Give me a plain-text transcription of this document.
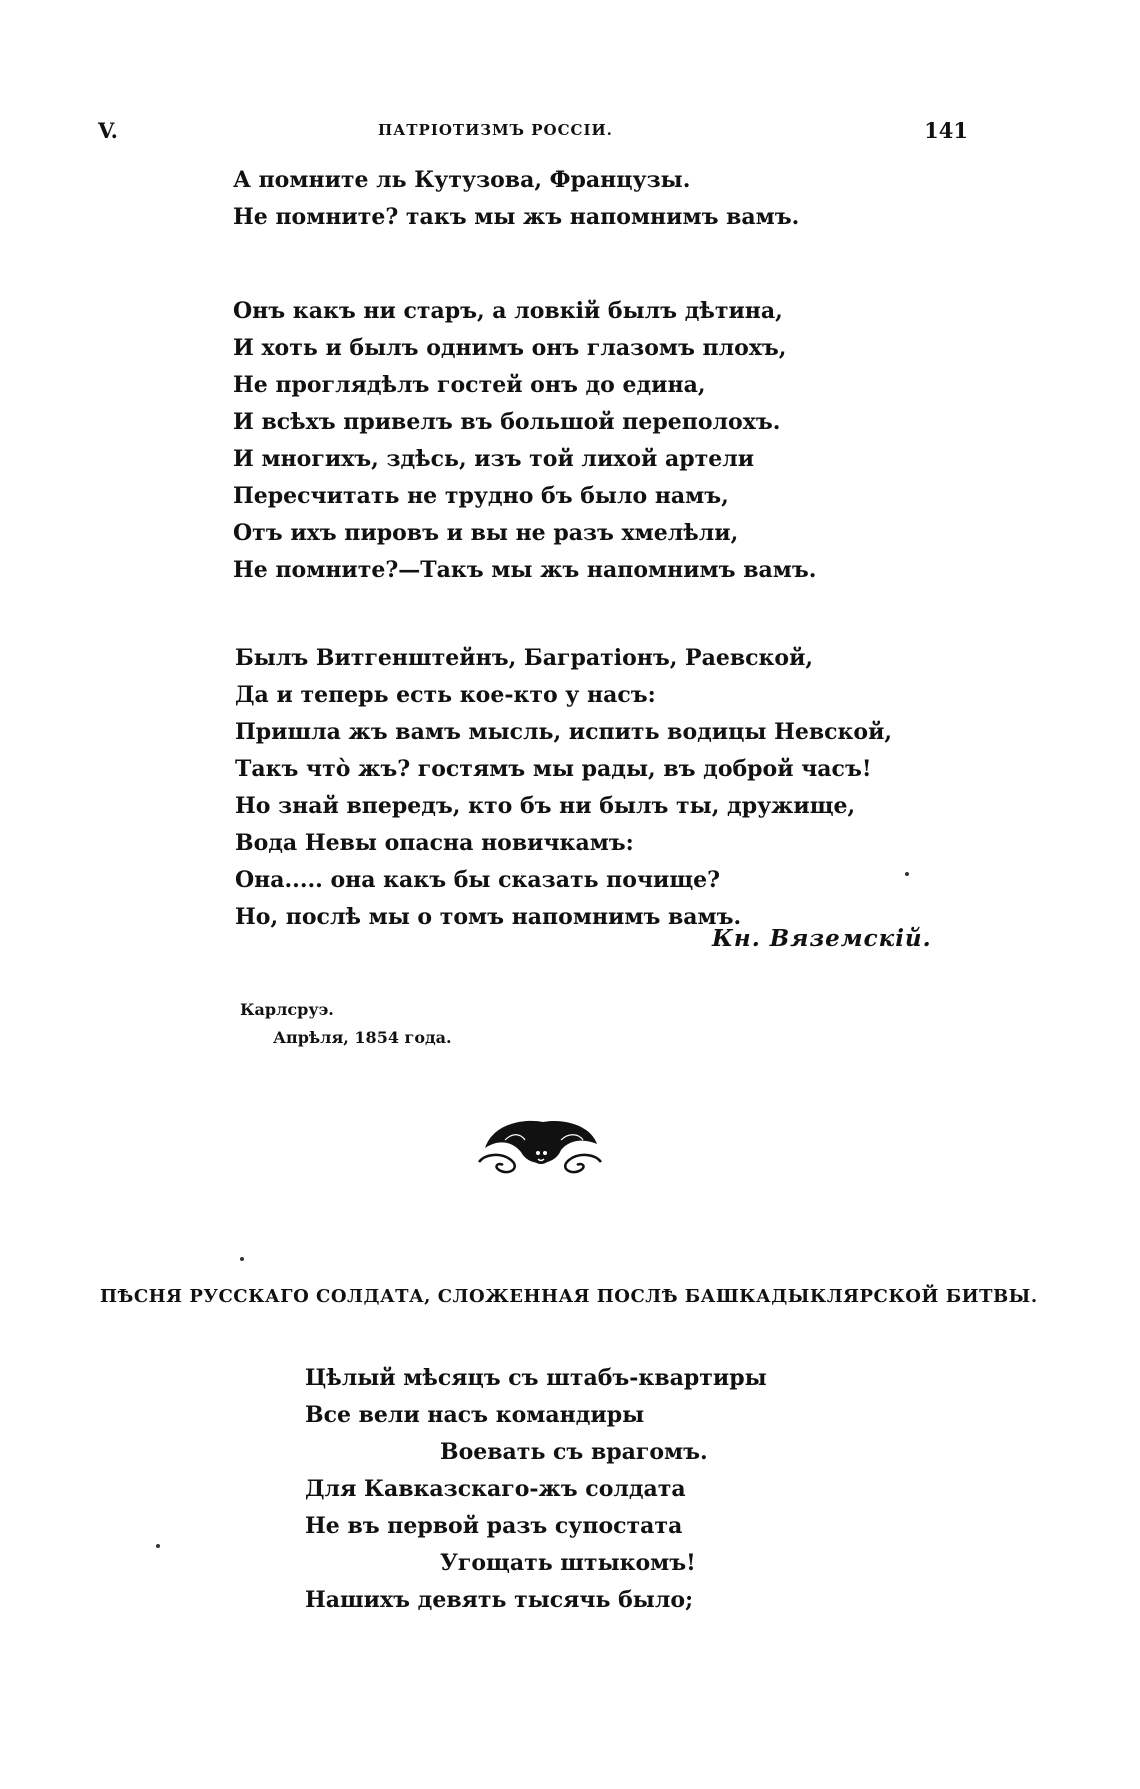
V.	ПАТРІОТИЗМЪ РОССІИ.	141
А помните ль Кутузова, Французы.
Не помните? такъ мы жъ напомнимъ вамъ.
Онъ какъ ни старъ, а ловкій былъ дѣтина,
И хоть и былъ однимъ онъ глазомъ плохъ,
Не проглядѣлъ гостей онъ до едина,
И всѣхъ привелъ въ большой переполохъ.
И многихъ, здѣсь, изъ той лихой артели
Пересчитать не трудно бъ было намъ,
Отъ ихъ пировъ и вы не разъ хмелѣли,
Не помните?—Такъ мы жъ напомнимъ вамъ.
Былъ Витгенштейнъ, Багратіонъ, Раевской,
Да и теперь есть кое-кто у насъ:
Пришла жъ вамъ мысль, испить водицы Невской,
Такъ что̀ жъ? гостямъ мы рады, въ доброй часъ!
Но знай впередъ, кто бъ ни былъ ты, дружище,
Вода Невы опасна новичкамъ:
Она..... она какъ бы сказать почище?
Но, послѣ мы о томъ напомнимъ вамъ.
Кн. Вяземскій.
Карлсруэ.
Апрѣля, 1854 года.
ПѢСНЯ РУССКАГО СОЛДАТА, СЛОЖЕННАЯ ПОСЛѢ БАШКАДЫКЛЯРСКОЙ БИТВЫ.
Цѣлый мѣсяцъ съ штабъ-квартиры
Все вели насъ командиры
Воевать съ врагомъ.
Для Кавказскаго-жъ солдата
Не въ первой разъ супостата
Угощать штыкомъ!
Нашихъ девять тысячь было;
